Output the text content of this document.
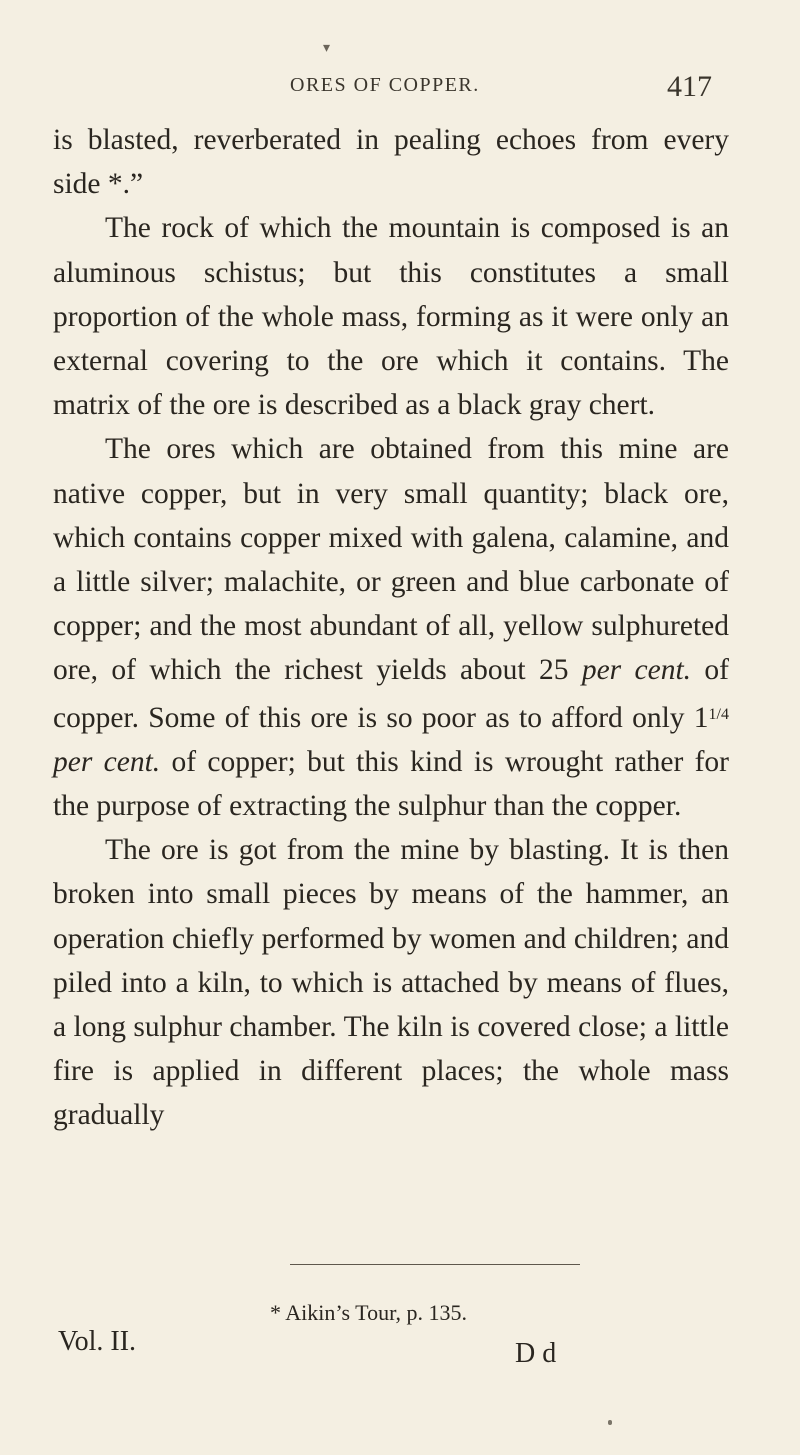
▾
ORES OF COPPER.	417

is blasted, reverberated in pealing echoes from every side *.”

The rock of which the mountain is composed is an aluminous schistus; but this constitutes a small proportion of the whole mass, forming as it were only an external covering to the ore which it contains. The matrix of the ore is described as a black gray chert.

The ores which are obtained from this mine are native copper, but in very small quantity; black ore, which contains copper mixed with galena, calamine, and a little silver; malachite, or green and blue carbonate of copper; and the most abundant of all, yellow sulphureted ore, of which the richest yields about 25 per cent. of copper. Some of this ore is so poor as to afford only $1^{1/4}$ per cent. of copper; but this kind is wrought rather for the purpose of extracting the sulphur than the copper.

The ore is got from the mine by blasting. It is then broken into small pieces by means of the hammer, an operation chiefly performed by women and children; and piled into a kiln, to which is attached by means of flues, a long sulphur chamber. The kiln is covered close; a little fire is applied in different places; the whole mass gradually

* Aikin’s Tour, p. 135.
Vol. II.	D d
